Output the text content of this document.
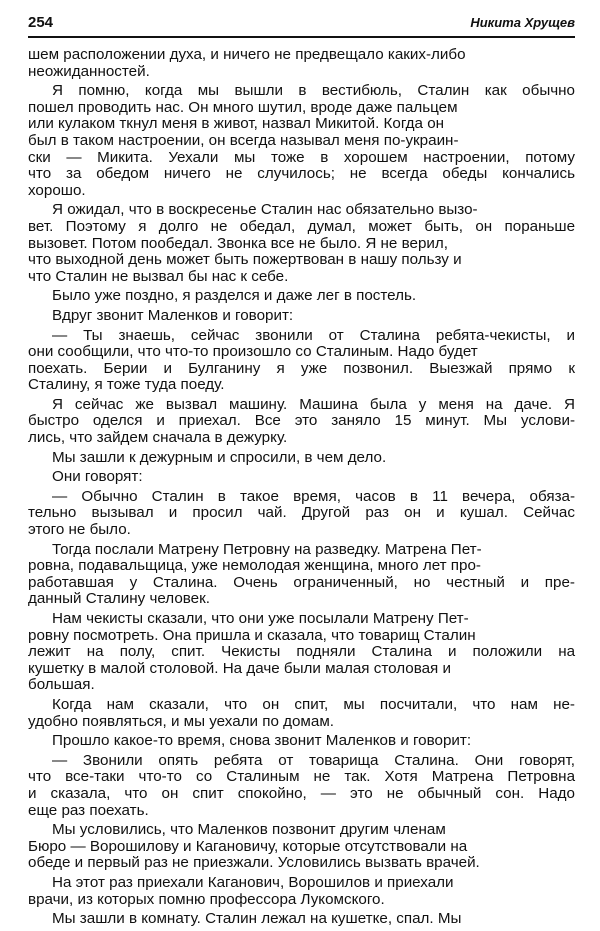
254	Никита Хрущев
шем расположении духа, и ничего не предвещало каких-либо
неожиданностей.
Я помню, когда мы вышли в вестибюль, Сталин как обычно
пошел проводить нас. Он много шутил, вроде даже пальцем
или кулаком ткнул меня в живот, назвал Микитой. Когда он
был в таком настроении, он всегда называл меня по-украин-
ски — Микита. Уехали мы тоже в хорошем настроении, потому
что за обедом ничего не случилось; не всегда обеды кончались
хорошо.
Я ожидал, что в воскресенье Сталин нас обязательно вызо-
вет. Поэтому я долго не обедал, думал, может быть, он пораньше
вызовет. Потом пообедал. Звонка все не было. Я не верил,
что выходной день может быть пожертвован в нашу пользу и
что Сталин не вызвал бы нас к себе.
Было уже поздно, я разделся и даже лег в постель.
Вдруг звонит Маленков и говорит:
— Ты знаешь, сейчас звонили от Сталина ребята-чекисты, и
они сообщили, что что-то произошло со Сталиным. Надо будет
поехать. Берии и Булганину я уже позвонил. Выезжай прямо к
Сталину, я тоже туда поеду.
Я сейчас же вызвал машину. Машина была у меня на даче. Я
быстро оделся и приехал. Все это заняло 15 минут. Мы услови-
лись, что зайдем сначала в дежурку.
Мы зашли к дежурным и спросили, в чем дело.
Они говорят:
— Обычно Сталин в такое время, часов в 11 вечера, обяза-
тельно вызывал и просил чай. Другой раз он и кушал. Сейчас
этого не было.
Тогда послали Матрену Петровну на разведку. Матрена Пет-
ровна, подавальщица, уже немолодая женщина, много лет про-
работавшая у Сталина. Очень ограниченный, но честный и пре-
данный Сталину человек.
Нам чекисты сказали, что они уже посылали Матрену Пет-
ровну посмотреть. Она пришла и сказала, что товарищ Сталин
лежит на полу, спит. Чекисты подняли Сталина и положили на
кушетку в малой столовой. На даче были малая столовая и
большая.
Когда нам сказали, что он спит, мы посчитали, что нам не-
удобно появляться, и мы уехали по домам.
Прошло какое-то время, снова звонит Маленков и говорит:
— Звонили опять ребята от товарища Сталина. Они говорят,
что все-таки что-то со Сталиным не так. Хотя Матрена Петровна
и сказала, что он спит спокойно, — это не обычный сон. Надо
еще раз поехать.
Мы условились, что Маленков позвонит другим членам
Бюро — Ворошилову и Кагановичу, которые отсутствовали на
обеде и первый раз не приезжали. Условились вызвать врачей.
На этот раз приехали Каганович, Ворошилов и приехали
врачи, из которых помню профессора Лукомского.
Мы зашли в комнату. Сталин лежал на кушетке, спал. Мы
